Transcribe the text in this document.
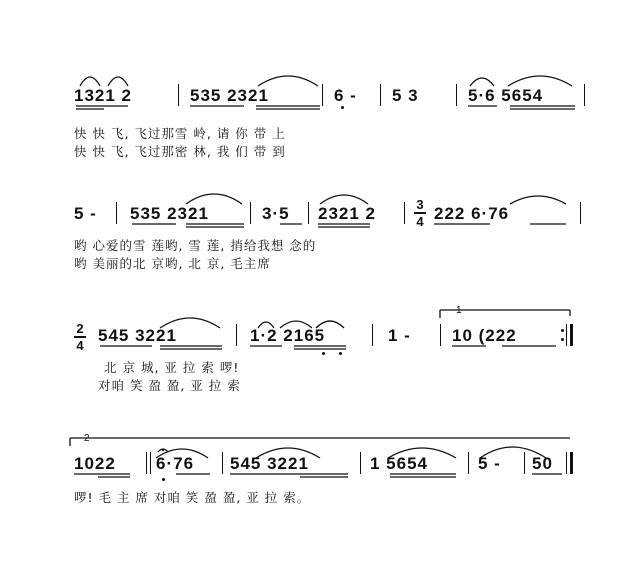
1321 2	535 2321	6 - 5 3	5·6 5654
快 快 飞, 飞过那雪 岭, 请 你 带 上
快 快 飞, 飞过那密 林, 我 们 带 到
5 - 535 2321	3·5 2321 2	3
4 222 6·76
哟 心爱的雪 莲哟, 雪 莲, 捎给我想 念的
哟 美丽的北 京哟, 北 京, 毛主席
1
2
4 545 3221	1·2 2165	1 - 10 (222
北 京 城, 亚 拉 索 啰!
对咱 笑 盈 盈, 亚 拉 索
2
1022 6·76 545 3221	1 5654	5 - 50
啰! 毛 主 席 对咱 笑 盈 盈, 亚 拉 索。
